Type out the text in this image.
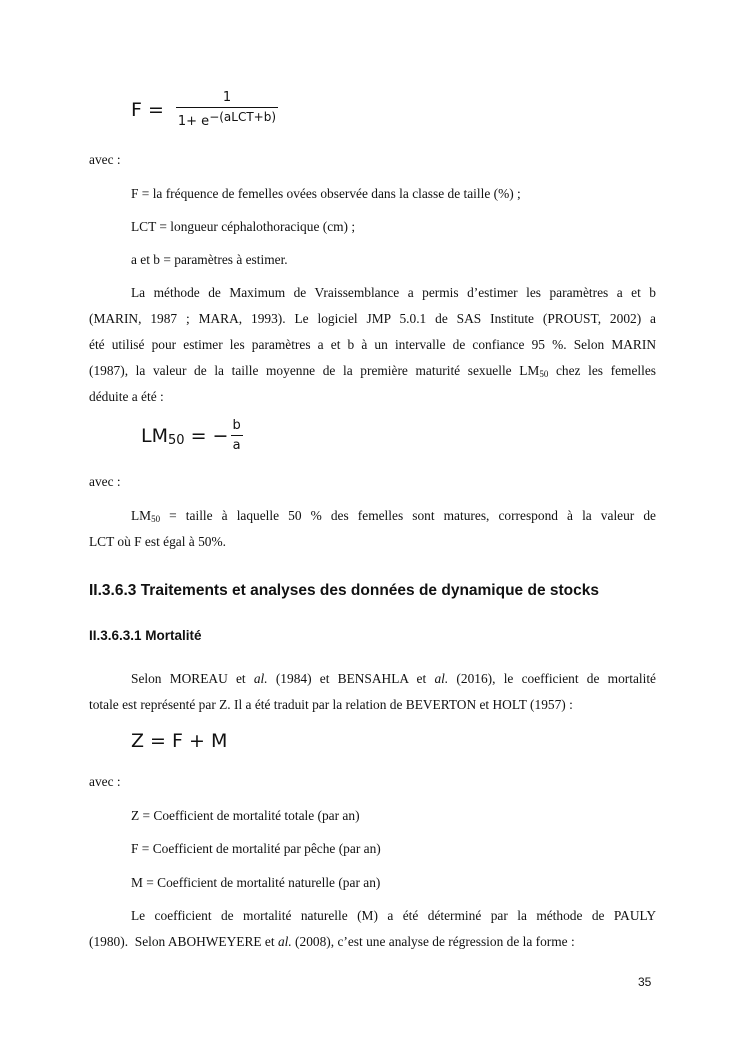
$F = \frac{1}{1+ e^{-(aLCT+b)}}$
avec :
F = la fréquence de femelles ovées observée dans la classe de taille (%) ;
LCT = longueur céphalothoracique (cm) ;
a et b = paramètres à estimer.
La méthode de Maximum de Vraissemblance a permis d’estimer les paramètres a et b
(MARIN, 1987 ; MARA, 1993). Le logiciel JMP 5.0.1 de SAS Institute (PROUST, 2002) a
été utilisé pour estimer les paramètres a et b à un intervalle de confiance 95 %. Selon MARIN
(1987), la valeur de la taille moyenne de la première maturité sexuelle $LM_{50}$ chez les femelles
déduite a été :
LM 50 = − $\frac{b}{a}$
avec :
$LM_{50}$ = taille à laquelle 50 % des femelles sont matures, correspond à la valeur de
LCT où F est égal à 50%.
II.3.6.3 Traitements et analyses des données de dynamique de stocks
II.3.6.3.1 Mortalité
Selon MOREAU et al. (1984) et BENSAHLA et al. (2016), le coefficient de mortalité
totale est représenté par Z. Il a été traduit par la relation de BEVERTON et HOLT (1957) :
Z = F + M
avec :
Z = Coefficient de mortalité totale (par an)
F = Coefficient de mortalité par pêche (par an)
M = Coefficient de mortalité naturelle (par an)
Le coefficient de mortalité naturelle (M) a été déterminé par la méthode de PAULY
(1980).  Selon ABOHWEYERE et al. (2008), c’est une analyse de régression de la forme :
35
